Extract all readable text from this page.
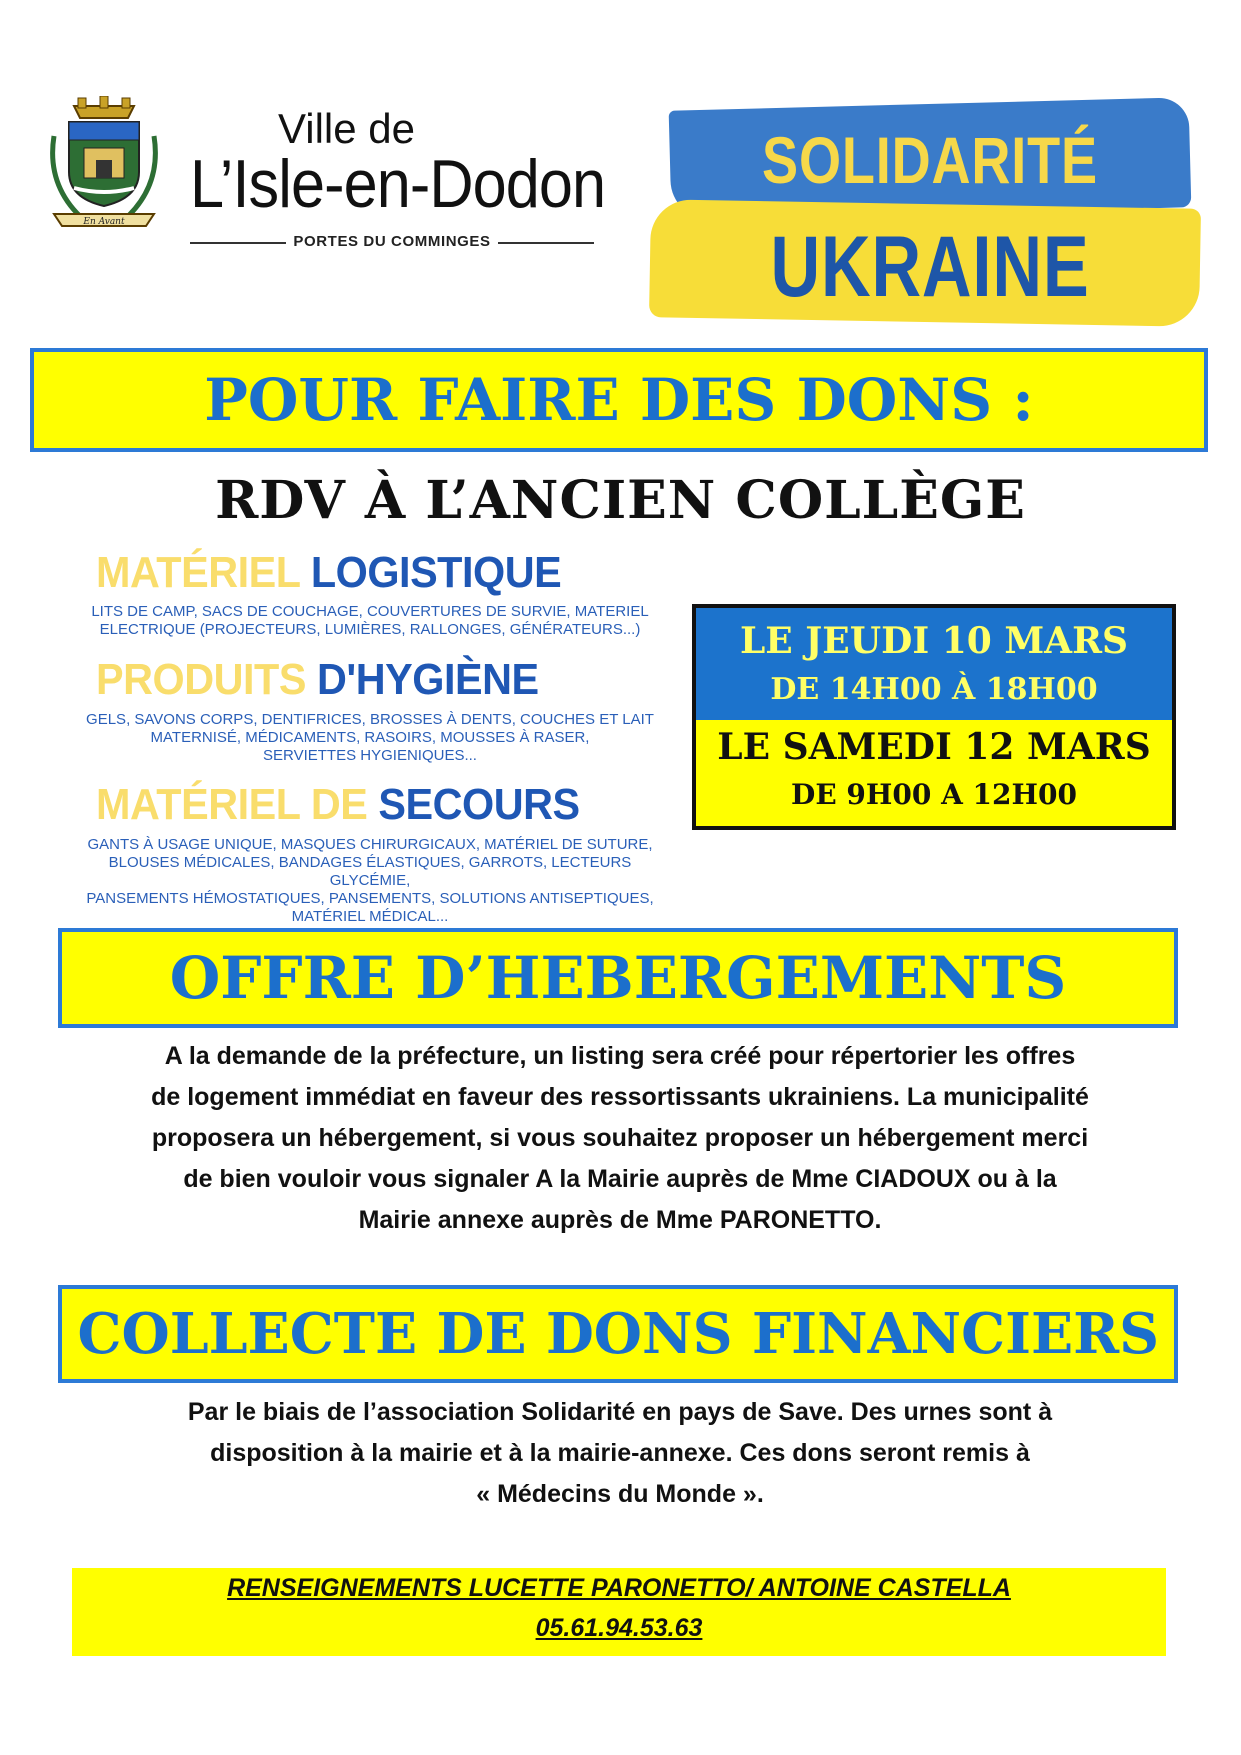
En Avant
Ville de
L’Isle-en-Dodon
PORTES DU COMMINGES
SOLIDARITÉ
UKRAINE
POUR FAIRE DES DONS :
RDV À L’ANCIEN COLLÈGE
MATÉRIEL LOGISTIQUE
LITS DE CAMP, SACS DE COUCHAGE, COUVERTURES DE SURVIE, MATERIEL
ELECTRIQUE (PROJECTEURS, LUMIÈRES, RALLONGES, GÉNÉRATEURS...)
PRODUITS D'HYGIÈNE
GELS, SAVONS CORPS, DENTIFRICES, BROSSES À DENTS, COUCHES ET LAIT
MATERNISÉ, MÉDICAMENTS, RASOIRS, MOUSSES À RASER,
SERVIETTES HYGIENIQUES...
MATÉRIEL DE SECOURS
GANTS À USAGE UNIQUE, MASQUES CHIRURGICAUX, MATÉRIEL DE SUTURE,
BLOUSES MÉDICALES, BANDAGES ÉLASTIQUES, GARROTS, LECTEURS GLYCÉMIE,
PANSEMENTS HÉMOSTATIQUES, PANSEMENTS, SOLUTIONS ANTISEPTIQUES,
MATÉRIEL MÉDICAL...
LE JEUDI 10 MARS
DE 14H00 À 18H00
LE SAMEDI 12 MARS
DE 9H00 A 12H00
OFFRE D’HEBERGEMENTS
A la demande de la préfecture, un listing sera créé pour répertorier les offres
de logement immédiat en faveur des ressortissants ukrainiens. La municipalité
proposera un hébergement, si vous souhaitez proposer un hébergement merci
de bien vouloir vous signaler A la Mairie auprès de Mme CIADOUX ou à la
Mairie annexe auprès de Mme PARONETTO.
COLLECTE DE DONS FINANCIERS
Par le biais de l’association Solidarité en pays de Save. Des urnes sont à
disposition à la mairie et à la mairie-annexe. Ces dons seront remis à
« Médecins du Monde ».
RENSEIGNEMENTS LUCETTE PARONETTO/ ANTOINE CASTELLA
05.61.94.53.63
